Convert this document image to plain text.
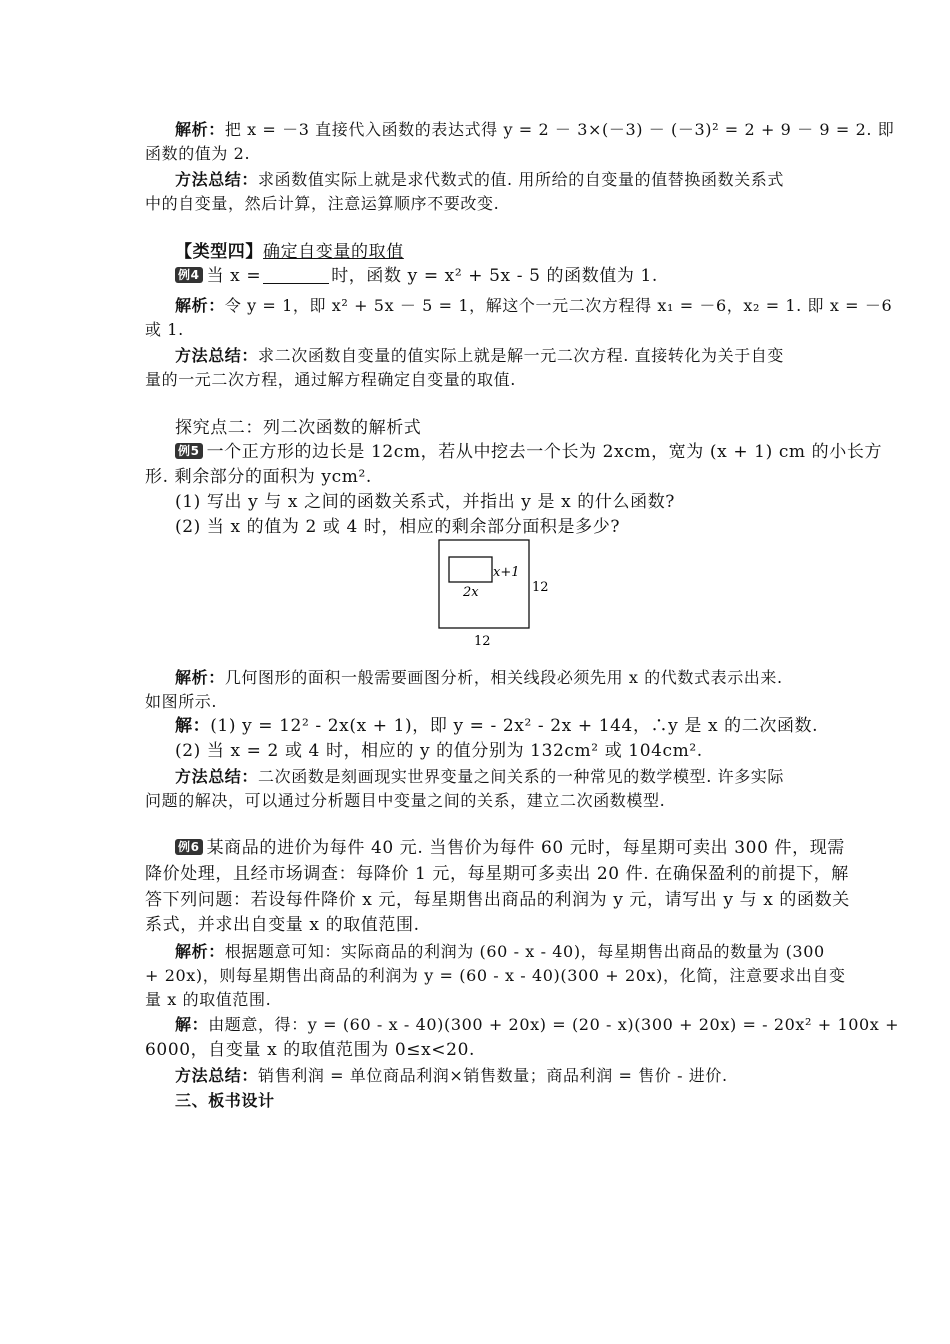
解析：把 x = －3 直接代入函数的表达式得 y = 2 － 3×(－3) － (－3)² = 2 + 9 － 9 = 2. 即
函数的值为 2.
方法总结：求函数值实际上就是求代数式的值. 用所给的自变量的值替换函数关系式
中的自变量，然后计算，注意运算顺序不要改变.
【类型四】确定自变量的取值
例4 当 x =	时，函数 y = x² + 5x - 5 的函数值为 1.
解析：令 y = 1，即 x² + 5x － 5 = 1，解这个一元二次方程得 x₁ = －6，x₂ = 1. 即 x = －6
或 1.
方法总结：求二次函数自变量的值实际上就是解一元二次方程. 直接转化为关于自变
量的一元二次方程，通过解方程确定自变量的取值.
探究点二：列二次函数的解析式
例5 一个正方形的边长是 12cm，若从中挖去一个长为 2xcm，宽为 (x + 1) cm 的小长方
形. 剩余部分的面积为 ycm².
(1) 写出 y 与 x 之间的函数关系式，并指出 y 是 x 的什么函数?
(2) 当 x 的值为 2 或 4 时，相应的剩余部分面积是多少?
x+1
2x	12
12
解析：几何图形的面积一般需要画图分析，相关线段必须先用 x 的代数式表示出来.
如图所示.
解：(1) y = 12² - 2x(x + 1)，即 y = - 2x² - 2x + 144，∴y 是 x 的二次函数.
(2) 当 x = 2 或 4 时，相应的 y 的值分别为 132cm² 或 104cm².
方法总结：二次函数是刻画现实世界变量之间关系的一种常见的数学模型. 许多实际
问题的解决，可以通过分析题目中变量之间的关系，建立二次函数模型.
例6 某商品的进价为每件 40 元. 当售价为每件 60 元时，每星期可卖出 300 件，现需
降价处理，且经市场调查：每降价 1 元，每星期可多卖出 20 件. 在确保盈利的前提下，解
答下列问题：若设每件降价 x 元，每星期售出商品的利润为 y 元，请写出 y 与 x 的函数关
系式，并求出自变量 x 的取值范围.
解析：根据题意可知：实际商品的利润为 (60 - x - 40)，每星期售出商品的数量为 (300
+ 20x)，则每星期售出商品的利润为 y = (60 - x - 40)(300 + 20x)，化简，注意要求出自变
量 x 的取值范围.
解：由题意，得：y = (60 - x - 40)(300 + 20x) = (20 - x)(300 + 20x) = - 20x² + 100x +
6000，自变量 x 的取值范围为 0≤x<20.
方法总结：销售利润 = 单位商品利润×销售数量；商品利润 = 售价 - 进价.
三、板书设计
